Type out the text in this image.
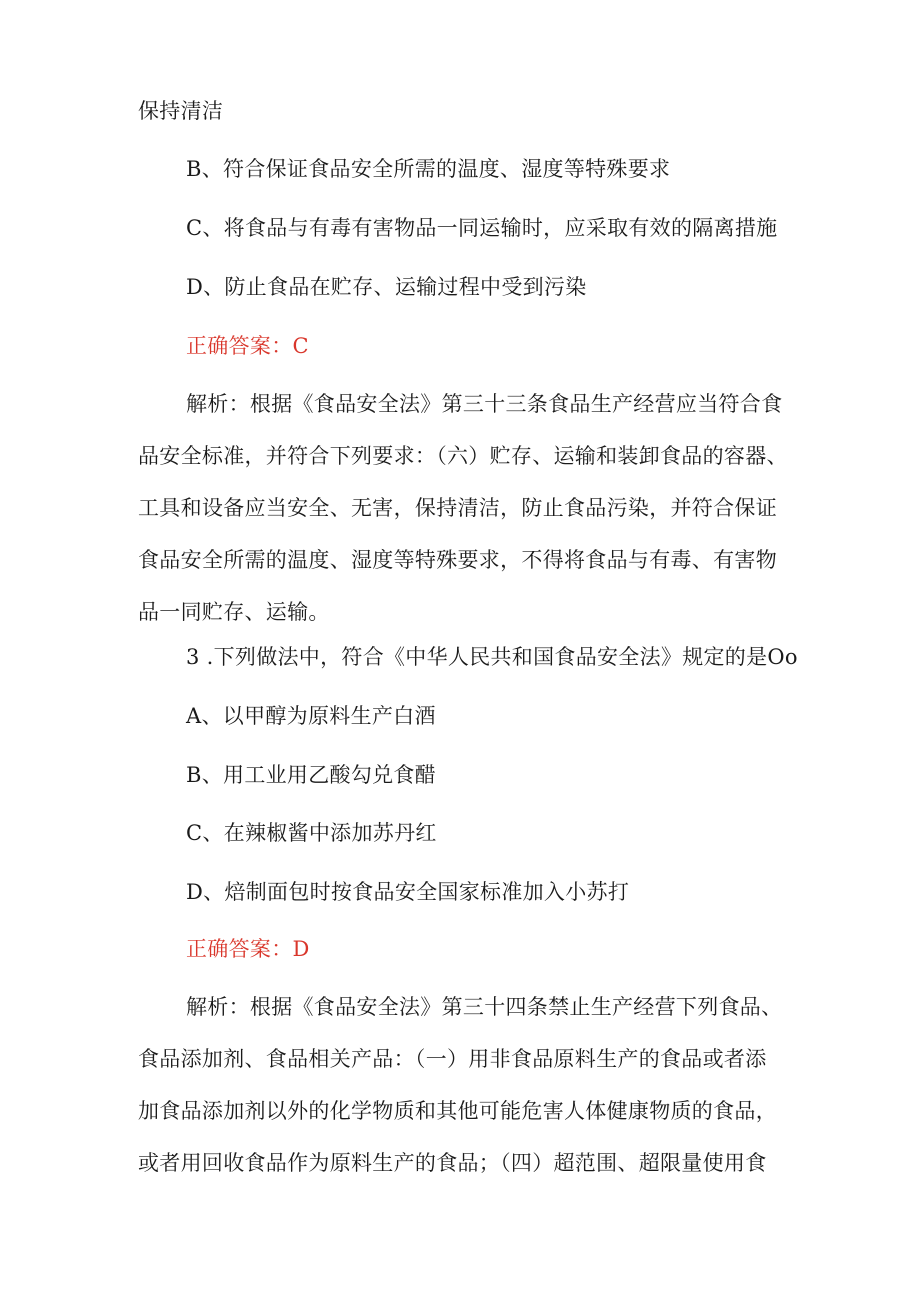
保持清洁
B、符合保证食品安全所需的温度、湿度等特殊要求
C、将食品与有毒有害物品一同运输时，应采取有效的隔离措施
D、防止食品在贮存、运输过程中受到污染
正确答案：C
解析：根据《食品安全法》第三十三条食品生产经营应当符合食
品安全标准，并符合下列要求：（六）贮存、运输和装卸食品的容器、
工具和设备应当安全、无害，保持清洁，防止食品污染，并符合保证
食品安全所需的温度、湿度等特殊要求，不得将食品与有毒、有害物
品一同贮存、运输。
3 .下列做法中，符合《中华人民共和国食品安全法》规定的是Oo
A、以甲醇为原料生产白酒
B、用工业用乙酸勾兑食醋
C、在辣椒酱中添加苏丹红
D、焙制面包时按食品安全国家标准加入小苏打
正确答案：D
解析：根据《食品安全法》第三十四条禁止生产经营下列食品、
食品添加剂、食品相关产品：（一）用非食品原料生产的食品或者添
加食品添加剂以外的化学物质和其他可能危害人体健康物质的食品，
或者用回收食品作为原料生产的食品；（四）超范围、超限量使用食
